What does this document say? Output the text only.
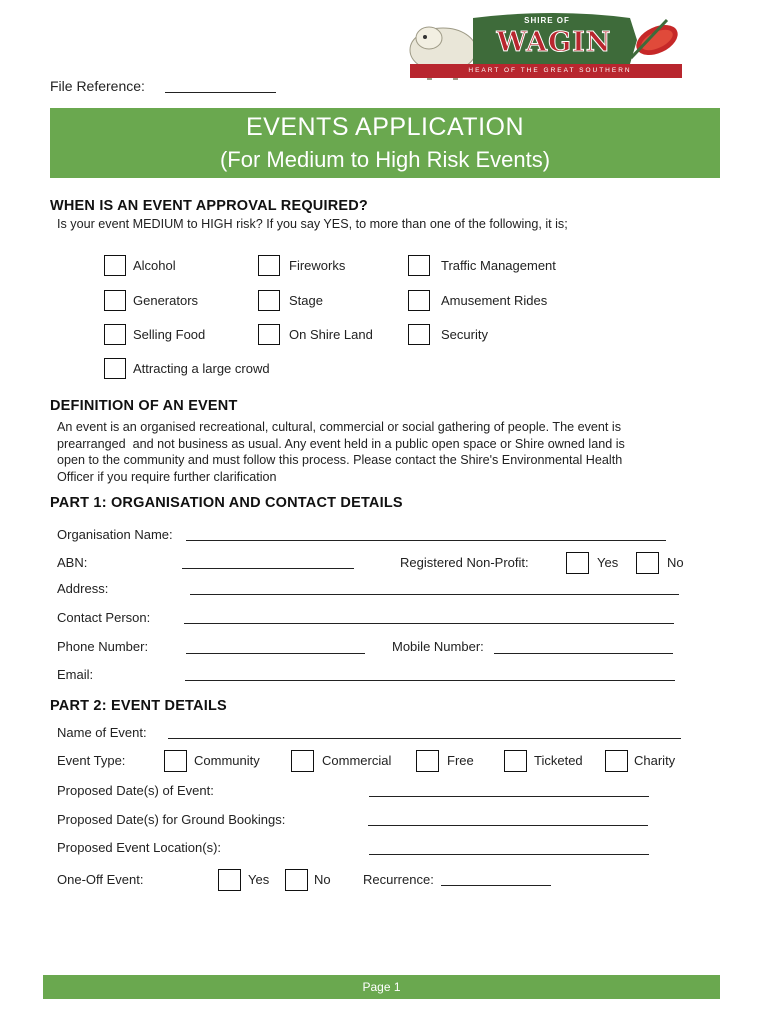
SHIRE OF
WAGIN
HEART OF THE GREAT SOUTHERN
File Reference:
EVENTS APPLICATION
(For Medium to High Risk Events)
WHEN IS AN EVENT APPROVAL REQUIRED?
Is your event MEDIUM to HIGH risk? If you say YES, to more than one of the following, it is;
Alcohol	Fireworks	Traffic Management
Generators	Stage	Amusement Rides
Selling Food	On Shire Land	Security
Attracting a large crowd
DEFINITION OF AN EVENT
An event is an organised recreational, cultural, commercial or social gathering of people. The event is
prearranged  and not business as usual. Any event held in a public open space or Shire owned land is
open to the community and must follow this process. Please contact the Shire's Environmental Health
Officer if you require further clarification
PART 1: ORGANISATION AND CONTACT DETAILS
Organisation Name:
ABN:	Registered Non-Profit:	Yes	No
Address:
Contact Person:
Phone Number:	Mobile Number:
Email:
PART 2: EVENT DETAILS
Name of Event:
Event Type:	Community	Commercial	Free	Ticketed	Charity
Proposed Date(s) of Event:
Proposed Date(s) for Ground Bookings:
Proposed Event Location(s):
One-Off Event:	Yes	No Recurrence:
Page 1
